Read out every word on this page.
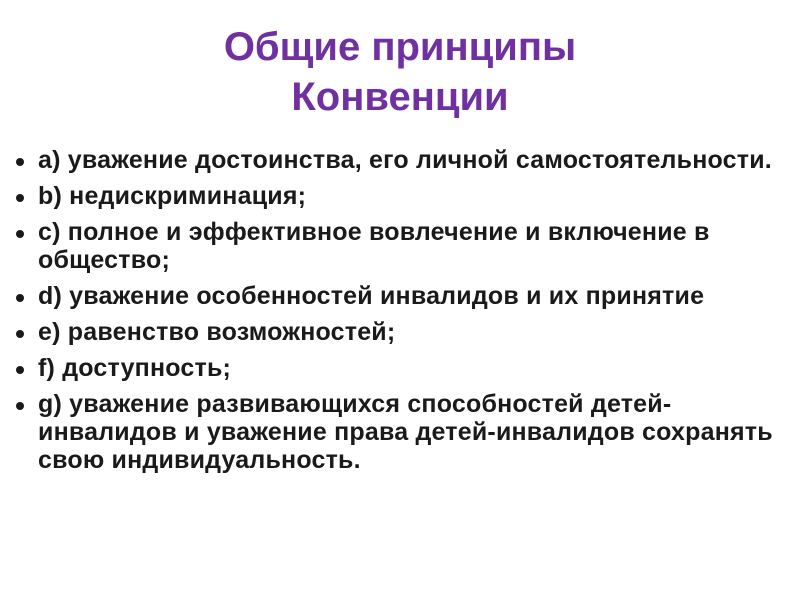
Общие принципы
Конвенции
a) уважение достоинства, его личной самостоятельности.
b) недискриминация;
c) полное и эффективное вовлечение и включение в общество;
d) уважение особенностей инвалидов и их принятие
e) равенство возможностей;
f) доступность;
g) уважение развивающихся способностей детей-инвалидов и уважение права детей-инвалидов сохранять свою индивидуальность.
